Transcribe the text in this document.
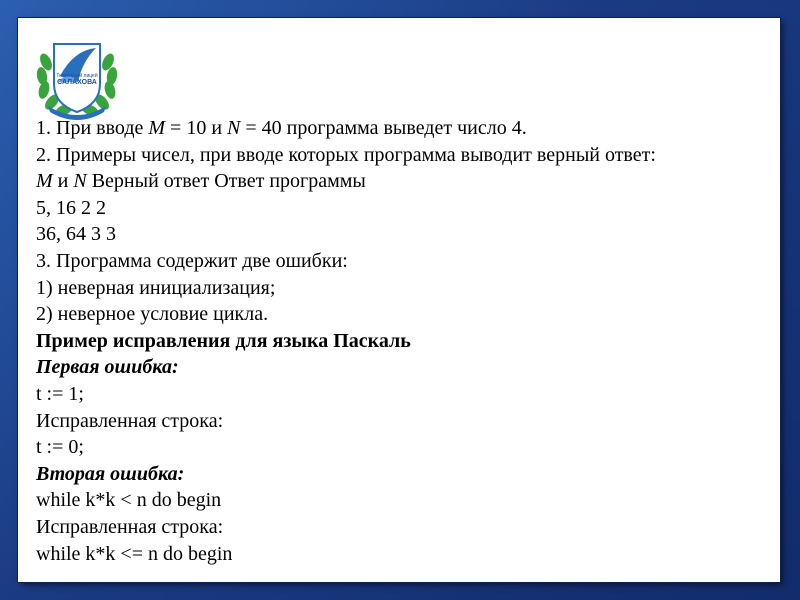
Тюменский лицей
САЛАХОВА

1. При вводе M = 10 и N = 40 программа выведет число 4.

2. Примеры чисел, при вводе которых программа выводит верный ответ:

M и N Верный ответ Ответ программы

5, 16 2 2

36, 64 3 3

3. Программа содержит две ошибки:

1) неверная инициализация;

2) неверное условие цикла.

Пример исправления для языка Паскаль

Первая ошибка:

t := 1;

Исправленная строка:

t := 0;

Вторая ошибка:

while k*k < n do begin

Исправленная строка:

while k*k <= n do begin
